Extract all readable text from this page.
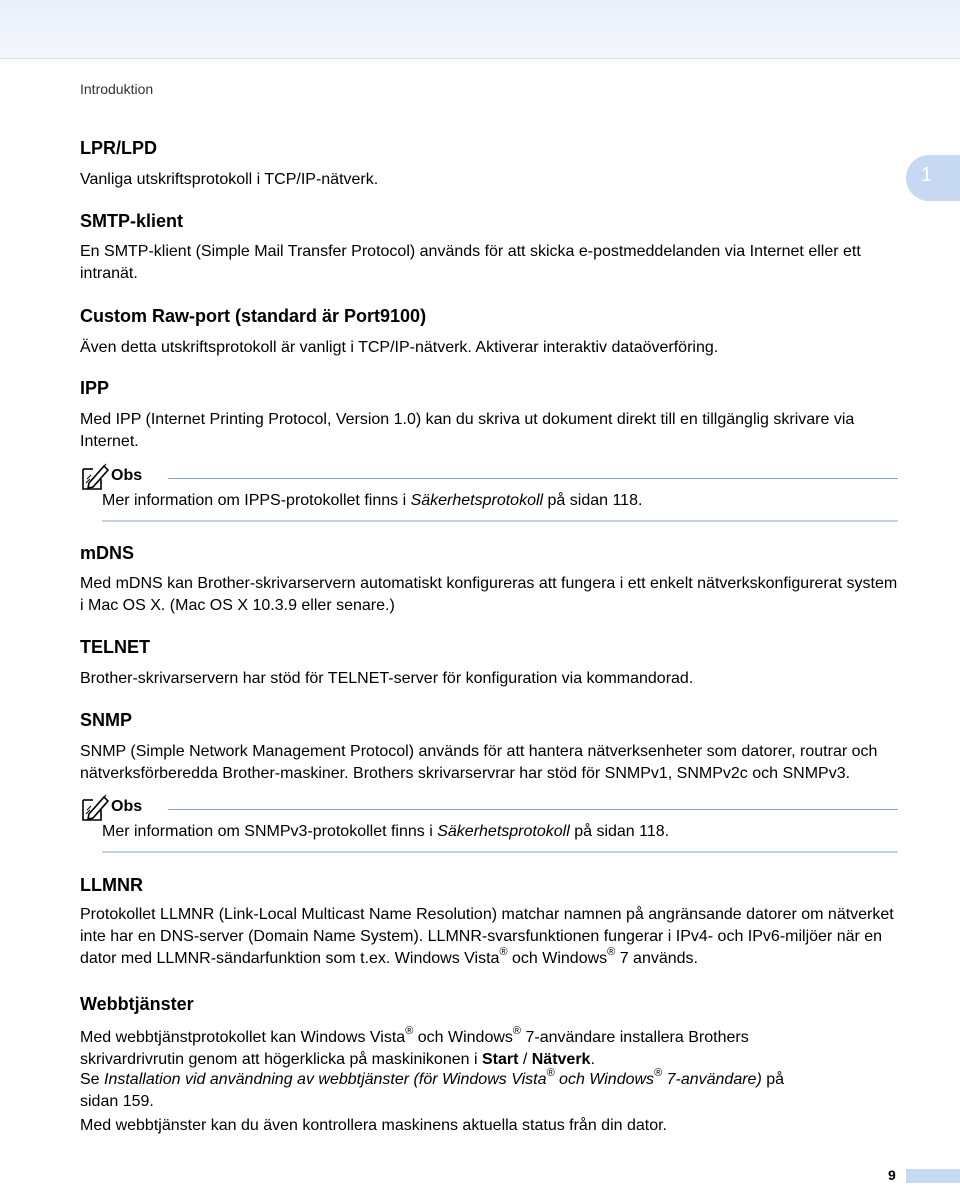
Introduktion
1
LPR/LPD
Vanliga utskriftsprotokoll i TCP/IP-nätverk.
SMTP-klient
En SMTP-klient (Simple Mail Transfer Protocol) används för att skicka e-postmeddelanden via Internet eller ett intranät.
Custom Raw-port (standard är Port9100)
Även detta utskriftsprotokoll är vanligt i TCP/IP-nätverk. Aktiverar interaktiv dataöverföring.
IPP
Med IPP (Internet Printing Protocol, Version 1.0) kan du skriva ut dokument direkt till en tillgänglig skrivare via Internet.
Obs
Mer information om IPPS-protokollet finns i Säkerhetsprotokoll på sidan 118.
mDNS
Med mDNS kan Brother-skrivarservern automatiskt konfigureras att fungera i ett enkelt nätverkskonfigurerat system i Mac OS X. (Mac OS X 10.3.9 eller senare.)
TELNET
Brother-skrivarservern har stöd för TELNET-server för konfiguration via kommandorad.
SNMP
SNMP (Simple Network Management Protocol) används för att hantera nätverksenheter som datorer, routrar och nätverksförberedda Brother-maskiner. Brothers skrivarservrar har stöd för SNMPv1, SNMPv2c och SNMPv3.
Obs
Mer information om SNMPv3-protokollet finns i Säkerhetsprotokoll på sidan 118.
LLMNR
Protokollet LLMNR (Link-Local Multicast Name Resolution) matchar namnen på angränsande datorer om nätverket inte har en DNS-server (Domain Name System). LLMNR-svarsfunktionen fungerar i IPv4- och IPv6-miljöer när en dator med LLMNR-sändarfunktion som t.ex. Windows Vista® och Windows® 7 används.
Webbtjänster
Med webbtjänstprotokollet kan Windows Vista® och Windows® 7-användare installera Brothers skrivardrivrutin genom att högerklicka på maskinikonen i Start / Nätverk.
Se Installation vid användning av webbtjänster (för Windows Vista® och Windows® 7-användare) på sidan 159.
Med webbtjänster kan du även kontrollera maskinens aktuella status från din dator.
9
